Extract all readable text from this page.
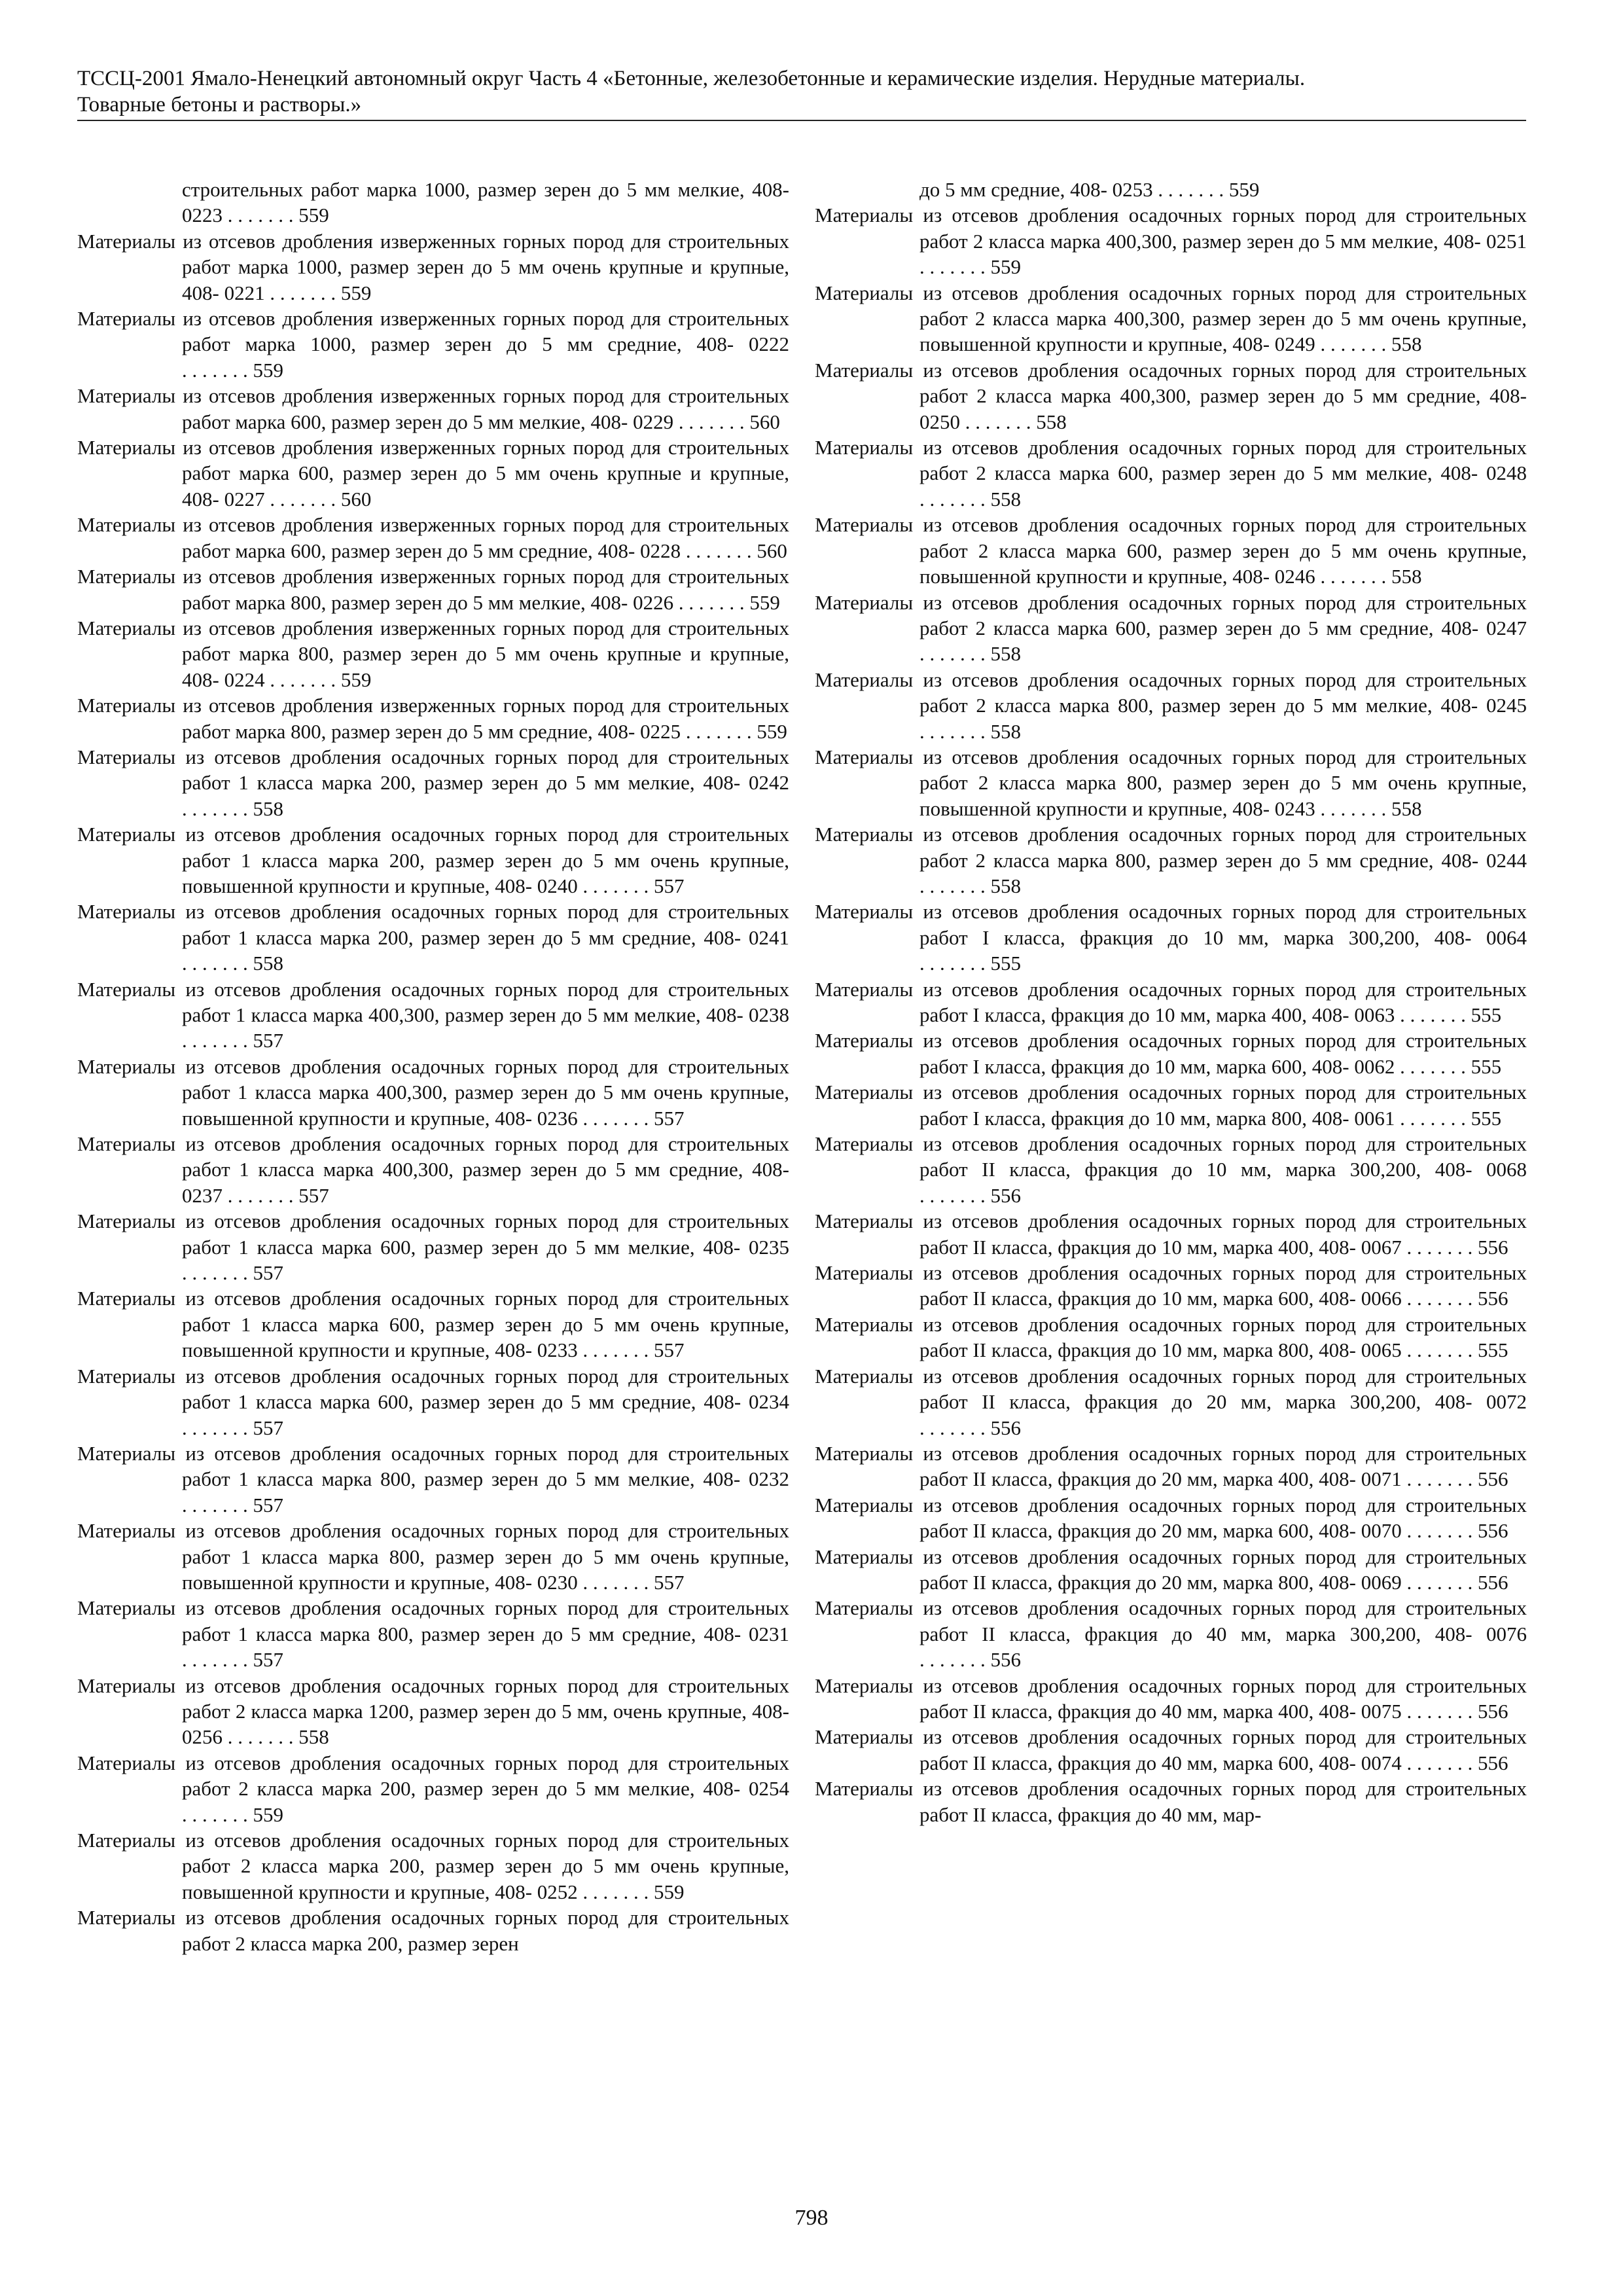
ТССЦ-2001 Ямало-Ненецкий автономный округ Часть 4 «Бетонные, железобетонные и керамические изделия. Нерудные материалы.
Товарные бетоны и растворы.»
строительных работ марка 1000, размер зерен до 5 мм мелкие, 408- 0223 . . . . . . . 559
Материалы из отсевов дробления изверженных горных пород для строительных работ марка 1000, размер зерен до 5 мм очень крупные и крупные, 408- 0221 . . . . . . . 559
Материалы из отсевов дробления изверженных горных пород для строительных работ марка 1000, размер зерен до 5 мм средние, 408- 0222 . . . . . . . 559
Материалы из отсевов дробления изверженных горных пород для строительных работ марка 600, размер зерен до 5 мм мелкие, 408- 0229 . . . . . . . 560
Материалы из отсевов дробления изверженных горных пород для строительных работ марка 600, размер зерен до 5 мм очень крупные и крупные, 408- 0227 . . . . . . . 560
Материалы из отсевов дробления изверженных горных пород для строительных работ марка 600, размер зерен до 5 мм средние, 408- 0228 . . . . . . . 560
Материалы из отсевов дробления изверженных горных пород для строительных работ марка 800, размер зерен до 5 мм мелкие, 408- 0226 . . . . . . . 559
Материалы из отсевов дробления изверженных горных пород для строительных работ марка 800, размер зерен до 5 мм очень крупные и крупные, 408- 0224 . . . . . . . 559
Материалы из отсевов дробления изверженных горных пород для строительных работ марка 800, размер зерен до 5 мм средние, 408- 0225 . . . . . . . 559
Материалы из отсевов дробления осадочных горных пород для строительных работ 1 класса марка 200, размер зерен до 5 мм мелкие, 408- 0242 . . . . . . . 558
Материалы из отсевов дробления осадочных горных пород для строительных работ 1 класса марка 200, размер зерен до 5 мм очень крупные, повышенной крупности и крупные, 408- 0240 . . . . . . . 557
Материалы из отсевов дробления осадочных горных пород для строительных работ 1 класса марка 200, размер зерен до 5 мм средние, 408- 0241 . . . . . . . 558
Материалы из отсевов дробления осадочных горных пород для строительных работ 1 класса марка 400,300, размер зерен до 5 мм мелкие, 408- 0238 . . . . . . . 557
Материалы из отсевов дробления осадочных горных пород для строительных работ 1 класса марка 400,300, размер зерен до 5 мм очень крупные, повышенной крупности и крупные, 408- 0236 . . . . . . . 557
Материалы из отсевов дробления осадочных горных пород для строительных работ 1 класса марка 400,300, размер зерен до 5 мм средние, 408- 0237 . . . . . . . 557
Материалы из отсевов дробления осадочных горных пород для строительных работ 1 класса марка 600, размер зерен до 5 мм мелкие, 408- 0235 . . . . . . . 557
Материалы из отсевов дробления осадочных горных пород для строительных работ 1 класса марка 600, размер зерен до 5 мм очень крупные, повышенной крупности и крупные, 408- 0233 . . . . . . . 557
Материалы из отсевов дробления осадочных горных пород для строительных работ 1 класса марка 600, размер зерен до 5 мм средние, 408- 0234 . . . . . . . 557
Материалы из отсевов дробления осадочных горных пород для строительных работ 1 класса марка 800, размер зерен до 5 мм мелкие, 408- 0232 . . . . . . . 557
Материалы из отсевов дробления осадочных горных пород для строительных работ 1 класса марка 800, размер зерен до 5 мм очень крупные, повышенной крупности и крупные, 408- 0230 . . . . . . . 557
Материалы из отсевов дробления осадочных горных пород для строительных работ 1 класса марка 800, размер зерен до 5 мм средние, 408- 0231 . . . . . . . 557
Материалы из отсевов дробления осадочных горных пород для строительных работ 2 класса марка 1200, размер зерен до 5 мм, очень крупные, 408- 0256 . . . . . . . 558
Материалы из отсевов дробления осадочных горных пород для строительных работ 2 класса марка 200, размер зерен до 5 мм мелкие, 408- 0254 . . . . . . . 559
Материалы из отсевов дробления осадочных горных пород для строительных работ 2 класса марка 200, размер зерен до 5 мм очень крупные, повышенной крупности и крупные, 408- 0252 . . . . . . . 559
Материалы из отсевов дробления осадочных горных пород для строительных работ 2 класса марка 200, размер зерен
до 5 мм средние, 408- 0253 . . . . . . . 559
Материалы из отсевов дробления осадочных горных пород для строительных работ 2 класса марка 400,300, размер зерен до 5 мм мелкие, 408- 0251 . . . . . . . 559
Материалы из отсевов дробления осадочных горных пород для строительных работ 2 класса марка 400,300, размер зерен до 5 мм очень крупные, повышенной крупности и крупные, 408- 0249 . . . . . . . 558
Материалы из отсевов дробления осадочных горных пород для строительных работ 2 класса марка 400,300, размер зерен до 5 мм средние, 408- 0250 . . . . . . . 558
Материалы из отсевов дробления осадочных горных пород для строительных работ 2 класса марка 600, размер зерен до 5 мм мелкие, 408- 0248 . . . . . . . 558
Материалы из отсевов дробления осадочных горных пород для строительных работ 2 класса марка 600, размер зерен до 5 мм очень крупные, повышенной крупности и крупные, 408- 0246 . . . . . . . 558
Материалы из отсевов дробления осадочных горных пород для строительных работ 2 класса марка 600, размер зерен до 5 мм средние, 408- 0247 . . . . . . . 558
Материалы из отсевов дробления осадочных горных пород для строительных работ 2 класса марка 800, размер зерен до 5 мм мелкие, 408- 0245 . . . . . . . 558
Материалы из отсевов дробления осадочных горных пород для строительных работ 2 класса марка 800, размер зерен до 5 мм очень крупные, повышенной крупности и крупные, 408- 0243 . . . . . . . 558
Материалы из отсевов дробления осадочных горных пород для строительных работ 2 класса марка 800, размер зерен до 5 мм средние, 408- 0244 . . . . . . . 558
Материалы из отсевов дробления осадочных горных пород для строительных работ I класса, фракция до 10 мм, марка 300,200, 408- 0064 . . . . . . . 555
Материалы из отсевов дробления осадочных горных пород для строительных работ I класса, фракция до 10 мм, марка 400, 408- 0063 . . . . . . . 555
Материалы из отсевов дробления осадочных горных пород для строительных работ I класса, фракция до 10 мм, марка 600, 408- 0062 . . . . . . . 555
Материалы из отсевов дробления осадочных горных пород для строительных работ I класса, фракция до 10 мм, марка 800, 408- 0061 . . . . . . . 555
Материалы из отсевов дробления осадочных горных пород для строительных работ II класса, фракция до 10 мм, марка 300,200, 408- 0068 . . . . . . . 556
Материалы из отсевов дробления осадочных горных пород для строительных работ II класса, фракция до 10 мм, марка 400, 408- 0067 . . . . . . . 556
Материалы из отсевов дробления осадочных горных пород для строительных работ II класса, фракция до 10 мм, марка 600, 408- 0066 . . . . . . . 556
Материалы из отсевов дробления осадочных горных пород для строительных работ II класса, фракция до 10 мм, марка 800, 408- 0065 . . . . . . . 555
Материалы из отсевов дробления осадочных горных пород для строительных работ II класса, фракция до 20 мм, марка 300,200, 408- 0072 . . . . . . . 556
Материалы из отсевов дробления осадочных горных пород для строительных работ II класса, фракция до 20 мм, марка 400, 408- 0071 . . . . . . . 556
Материалы из отсевов дробления осадочных горных пород для строительных работ II класса, фракция до 20 мм, марка 600, 408- 0070 . . . . . . . 556
Материалы из отсевов дробления осадочных горных пород для строительных работ II класса, фракция до 20 мм, марка 800, 408- 0069 . . . . . . . 556
Материалы из отсевов дробления осадочных горных пород для строительных работ II класса, фракция до 40 мм, марка 300,200, 408- 0076 . . . . . . . 556
Материалы из отсевов дробления осадочных горных пород для строительных работ II класса, фракция до 40 мм, марка 400, 408- 0075 . . . . . . . 556
Материалы из отсевов дробления осадочных горных пород для строительных работ II класса, фракция до 40 мм, марка 600, 408- 0074 . . . . . . . 556
Материалы из отсевов дробления осадочных горных пород для строительных работ II класса, фракция до 40 мм, мар-
798
